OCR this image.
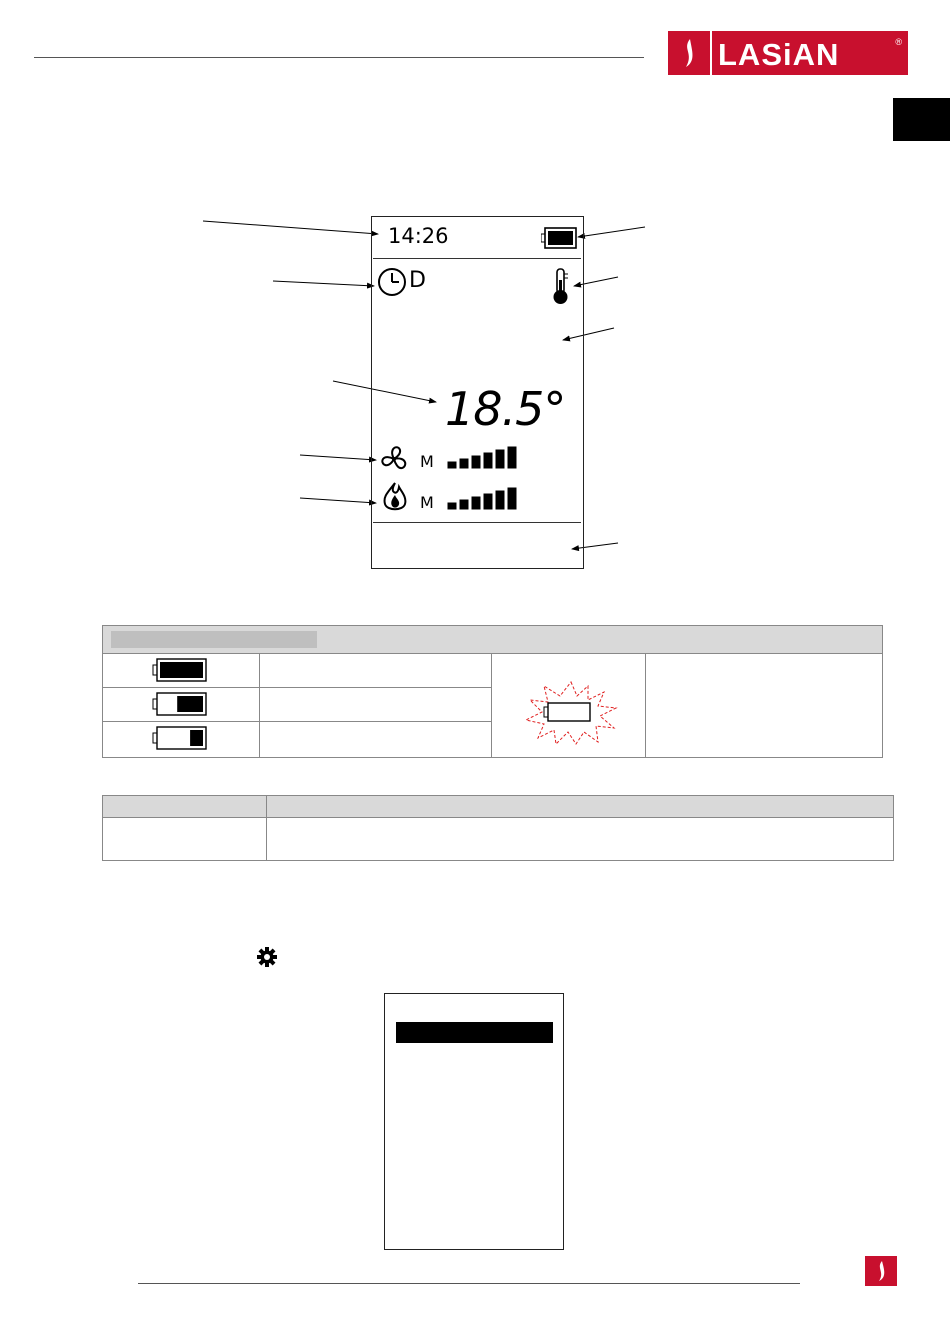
LASiAN	®
14:26
D
18.5°
M
M
